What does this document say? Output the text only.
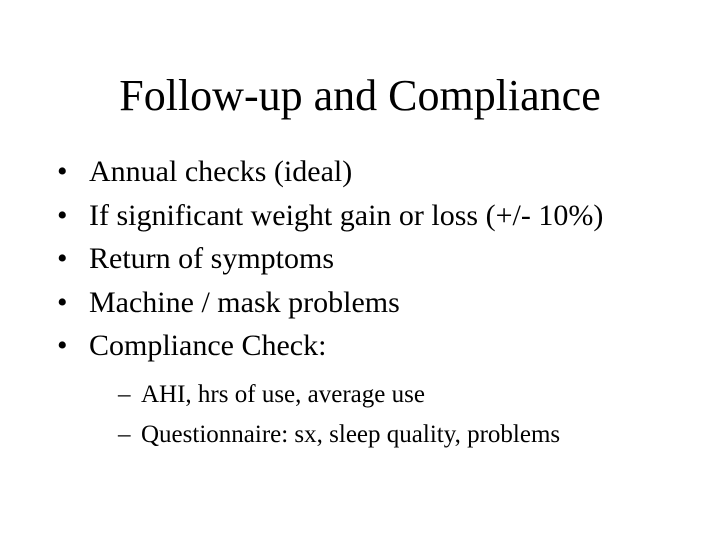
Follow-up and Compliance
• Annual checks (ideal)
• If significant weight gain or loss (+/- 10%)
• Return of symptoms
• Machine / mask problems
• Compliance Check:
– AHI, hrs of use, average use
– Questionnaire: sx, sleep quality, problems
